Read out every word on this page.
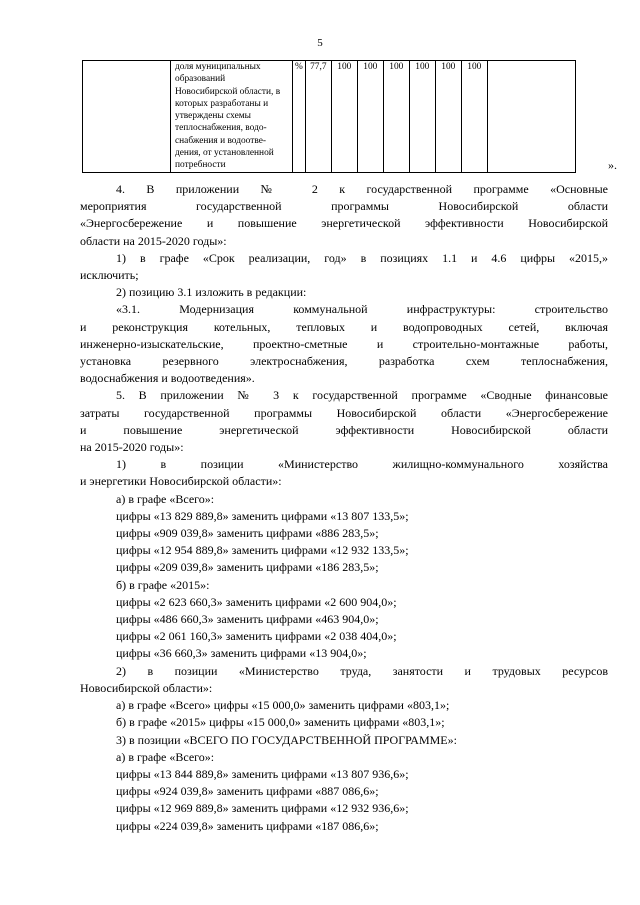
5
	доля муниципальных образований Новосибирской области, в которых разработаны и утверждены схемы теплоснабжения, водо-снабжения и водоотве-дения, от установленной потребности	%	77,7	100	100	100	100	100	100	
».

4. В приложении № 2 к государственной программе «Основные

мероприятия государственной программы Новосибирской области

«Энергосбережение и повышение энергетической эффективности Новосибирской

области на 2015-2020 годы»:

1) в графе «Срок реализации, год» в позициях 1.1 и 4.6 цифры «2015,»

исключить;

2) позицию 3.1 изложить в редакции:

«3.1. Модернизация коммунальной инфраструктуры: строительство

и реконструкция котельных, тепловых и водопроводных сетей, включая

инженерно-изыскательские, проектно-сметные и строительно-монтажные работы,

установка резервного электроснабжения, разработка схем теплоснабжения,

водоснабжения и водоотведения».

5. В приложении № 3 к государственной программе «Сводные финансовые

затраты государственной программы Новосибирской области «Энергосбережение

и повышение энергетической эффективности Новосибирской области

на 2015-2020 годы»:

1) в позиции «Министерство жилищно-коммунального хозяйства

и энергетики Новосибирской области»:

а) в графе «Всего»:

цифры «13 829 889,8» заменить цифрами «13 807 133,5»;

цифры «909 039,8» заменить цифрами «886 283,5»;

цифры «12 954 889,8» заменить цифрами «12 932 133,5»;

цифры «209 039,8» заменить цифрами «186 283,5»;

б) в графе «2015»:

цифры «2 623 660,3» заменить цифрами «2 600 904,0»;

цифры «486 660,3» заменить цифрами «463 904,0»;

цифры «2 061 160,3» заменить цифрами «2 038 404,0»;

цифры «36 660,3» заменить цифрами «13 904,0»;

2) в позиции «Министерство труда, занятости и трудовых ресурсов

Новосибирской области»:

а) в графе «Всего» цифры «15 000,0» заменить цифрами «803,1»;

б) в графе «2015» цифры «15 000,0» заменить цифрами «803,1»;

3) в позиции «ВСЕГО ПО ГОСУДАРСТВЕННОЙ ПРОГРАММЕ»:

а) в графе «Всего»:

цифры «13 844 889,8» заменить цифрами «13 807 936,6»;

цифры «924 039,8» заменить цифрами «887 086,6»;

цифры «12 969 889,8» заменить цифрами «12 932 936,6»;

цифры «224 039,8» заменить цифрами «187 086,6»;
